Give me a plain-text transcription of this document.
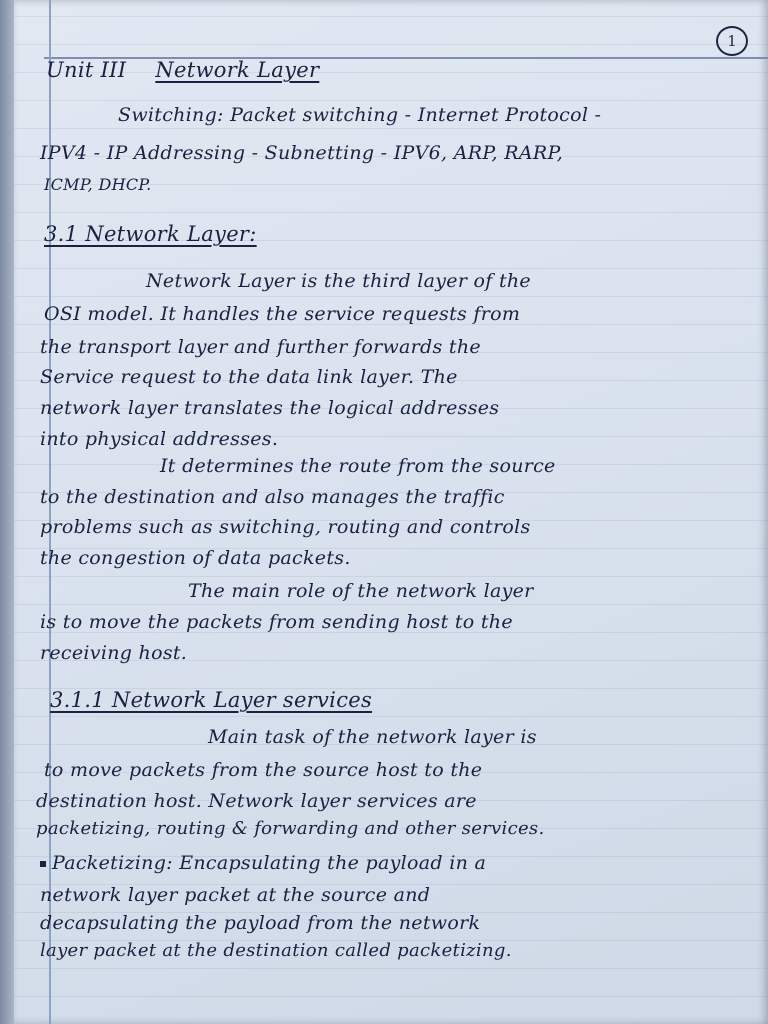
1
Unit III Network Layer
Switching: Packet switching - Internet Protocol -
IPV4 - IP Addressing - Subnetting - IPV6, ARP, RARP,
ICMP, DHCP.
3.1 Network Layer:
Network Layer is the third layer of the
OSI model. It handles the service requests from
the transport layer and further forwards the
Service request to the data link layer. The
network layer translates the logical addresses
into physical addresses.
It determines the route from the source
to the destination and also manages the traffic
problems such as switching, routing and controls
the congestion of data packets.
The main role of the network layer
is to move the packets from sending host to the
receiving host.
3.1.1 Network Layer services
Main task of the network layer is
to move packets from the source host to the
destination host. Network layer services are
packetizing, routing & forwarding and other services.
Packetizing: Encapsulating the payload in a
network layer packet at the source and
decapsulating the payload from the network
layer packet at the destination called packetizing.
